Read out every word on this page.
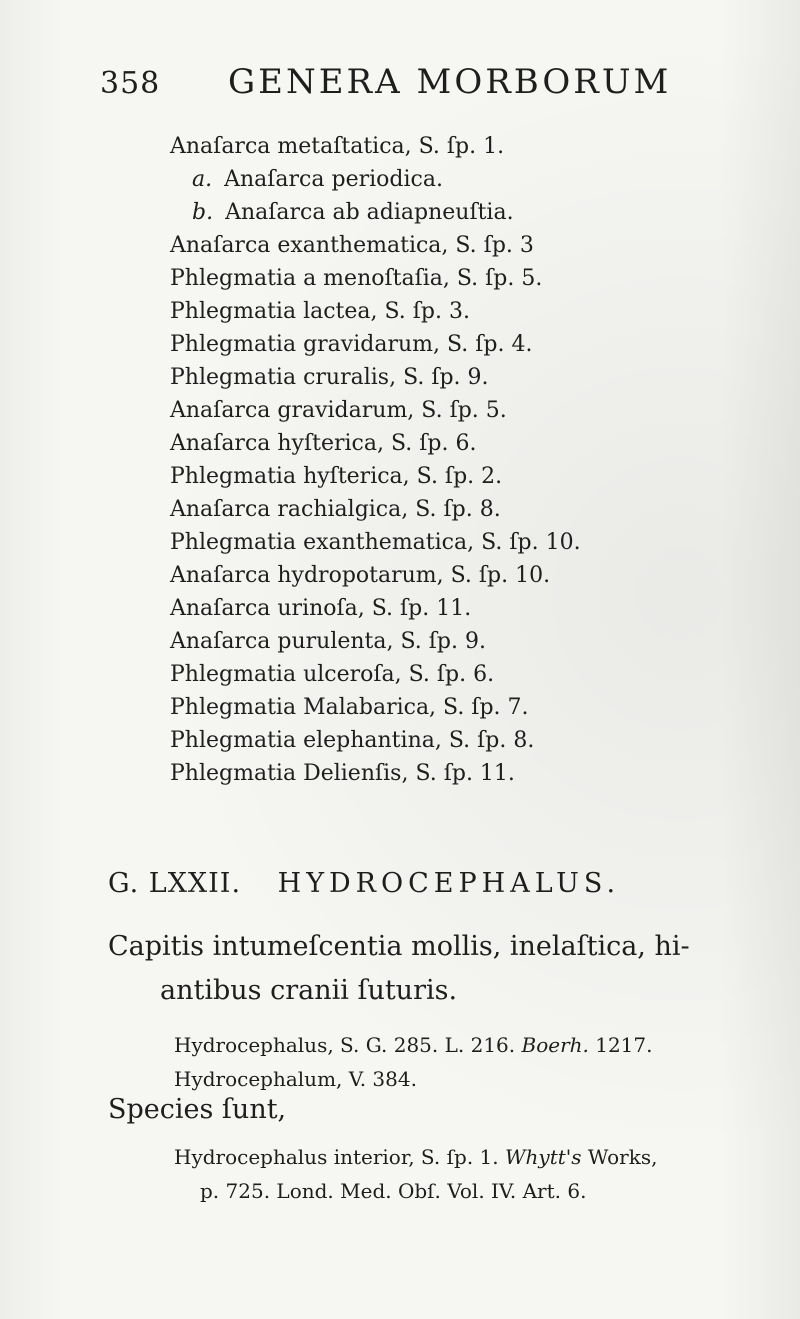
358 GENERA MORBORUM
Anaſarca metaſtatica, S. ſp. 1.
a. Anaſarca periodica.
b. Anaſarca ab adiapneuſtia.
Anaſarca exanthematica, S. ſp. 3
Phlegmatia a menoſtaſia, S. ſp. 5.
Phlegmatia lactea, S. ſp. 3.
Phlegmatia gravidarum, S. ſp. 4.
Phlegmatia cruralis, S. ſp. 9.
Anaſarca gravidarum, S. ſp. 5.
Anaſarca hyſterica, S. ſp. 6.
Phlegmatia hyſterica, S. ſp. 2.
Anaſarca rachialgica, S. ſp. 8.
Phlegmatia exanthematica, S. ſp. 10.
Anaſarca hydropotarum, S. ſp. 10.
Anaſarca urinoſa, S. ſp. 11.
Anaſarca purulenta, S. ſp. 9.
Phlegmatia ulceroſa, S. ſp. 6.
Phlegmatia Malabarica, S. ſp. 7.
Phlegmatia elephantina, S. ſp. 8.
Phlegmatia Delienſis, S. ſp. 11.
G. LXXII. HYDROCEPHALUS.
Capitis intumeſcentia mollis, inelaſtica, hi-
antibus cranii ſuturis.
Hydrocephalus, S. G. 285. L. 216. Boerh. 1217.
Hydrocephalum, V. 384.
Species ſunt,
Hydrocephalus interior, S. ſp. 1. Whytt's Works,
p. 725. Lond. Med. Obſ. Vol. IV. Art. 6.
